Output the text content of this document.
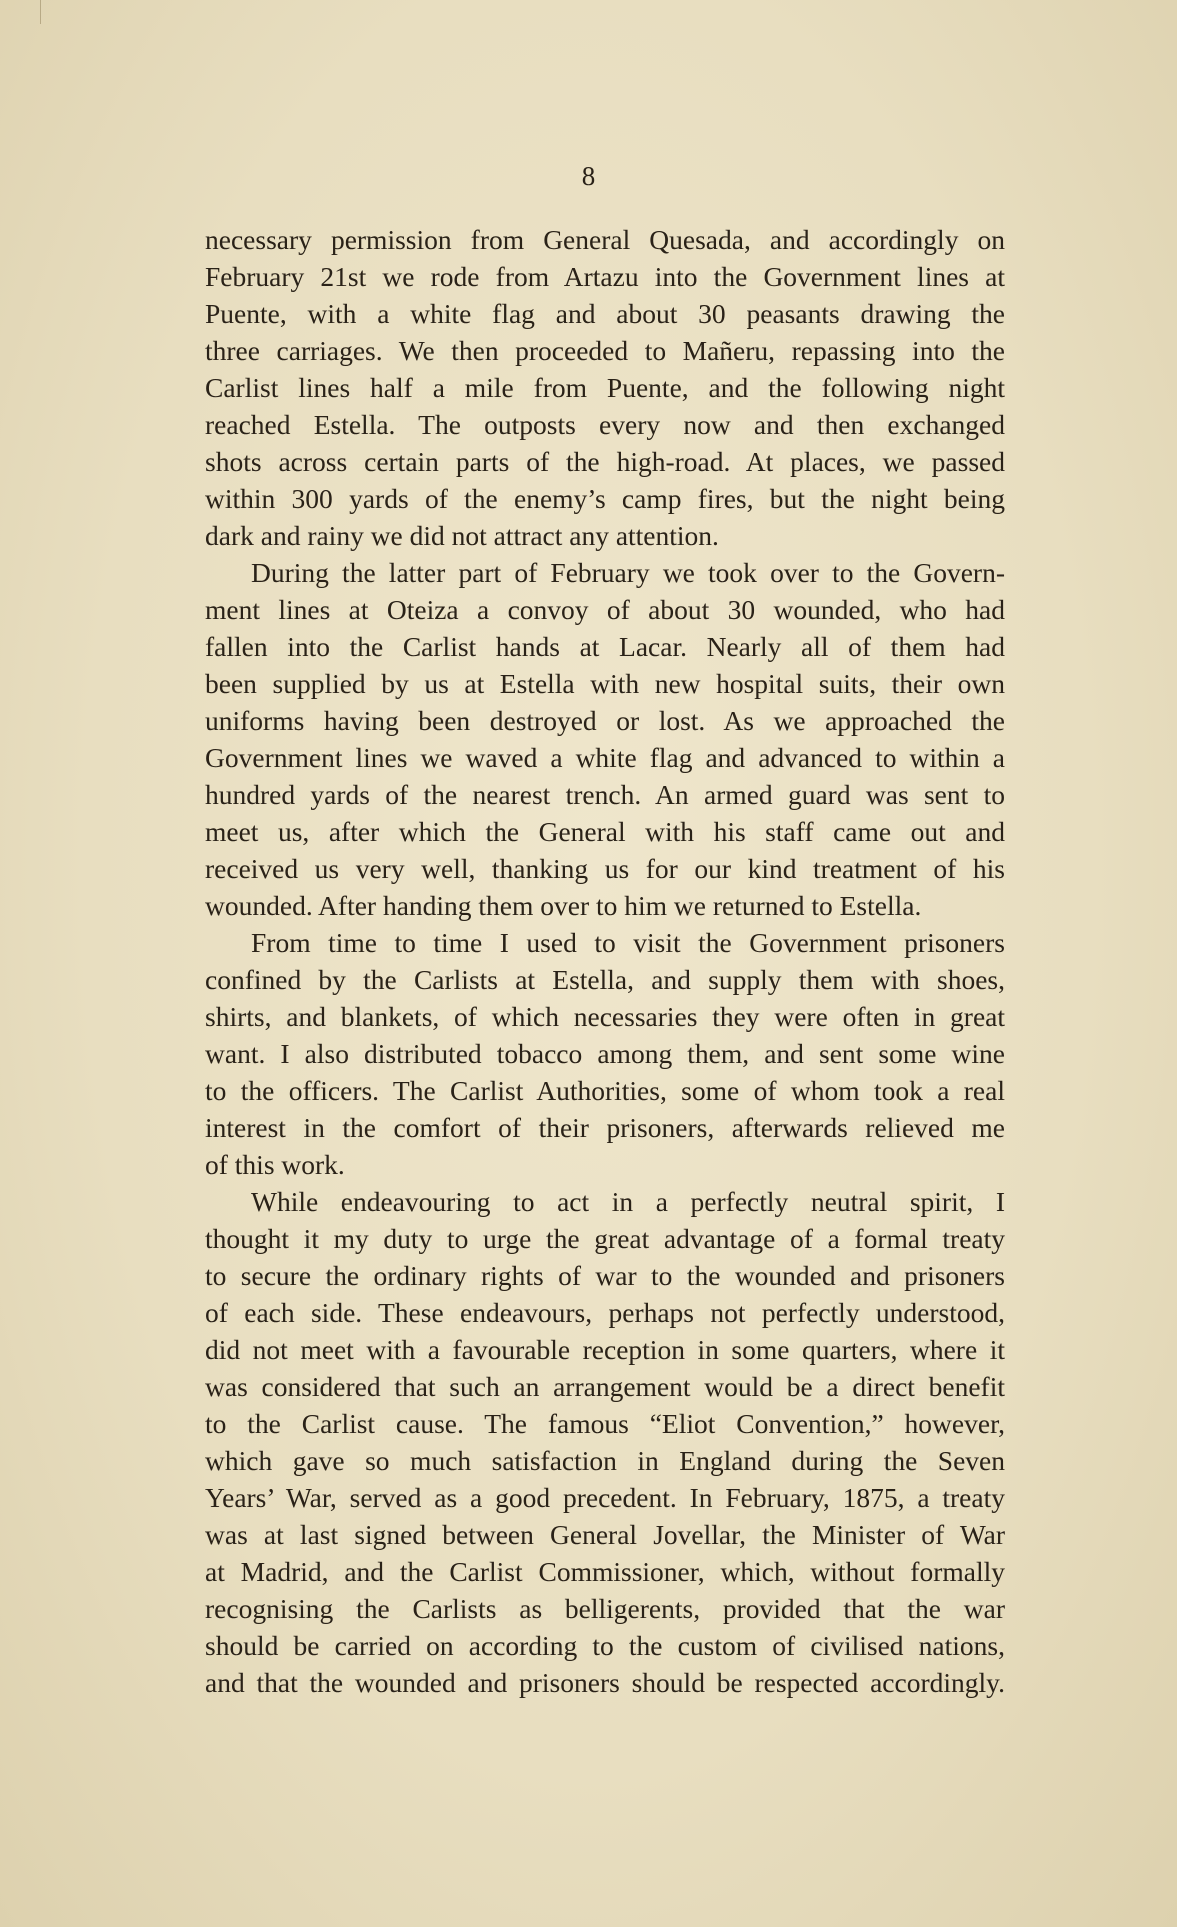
8
necessary permission from General Quesada, and accordingly on
February 21st we rode from Artazu into the Government lines at
Puente, with a white flag and about 30 peasants drawing the
three carriages. We then proceeded to Mañeru, repassing into the
Carlist lines half a mile from Puente, and the following night
reached Estella. The outposts every now and then exchanged
shots across certain parts of the high-road. At places, we passed
within 300 yards of the enemy’s camp fires, but the night being
dark and rainy we did not attract any attention.
During the latter part of February we took over to the Govern-
ment lines at Oteiza a convoy of about 30 wounded, who had
fallen into the Carlist hands at Lacar. Nearly all of them had
been supplied by us at Estella with new hospital suits, their own
uniforms having been destroyed or lost. As we approached the
Government lines we waved a white flag and advanced to within a
hundred yards of the nearest trench. An armed guard was sent to
meet us, after which the General with his staff came out and
received us very well, thanking us for our kind treatment of his
wounded. After handing them over to him we returned to Estella.
From time to time I used to visit the Government prisoners
confined by the Carlists at Estella, and supply them with shoes,
shirts, and blankets, of which necessaries they were often in great
want. I also distributed tobacco among them, and sent some wine
to the officers. The Carlist Authorities, some of whom took a real
interest in the comfort of their prisoners, afterwards relieved me
of this work.
While endeavouring to act in a perfectly neutral spirit, I
thought it my duty to urge the great advantage of a formal treaty
to secure the ordinary rights of war to the wounded and prisoners
of each side. These endeavours, perhaps not perfectly understood,
did not meet with a favourable reception in some quarters, where it
was considered that such an arrangement would be a direct benefit
to the Carlist cause. The famous “Eliot Convention,” however,
which gave so much satisfaction in England during the Seven
Years’ War, served as a good precedent. In February, 1875, a treaty
was at last signed between General Jovellar, the Minister of War
at Madrid, and the Carlist Commissioner, which, without formally
recognising the Carlists as belligerents, provided that the war
should be carried on according to the custom of civilised nations,
and that the wounded and prisoners should be respected accordingly.
